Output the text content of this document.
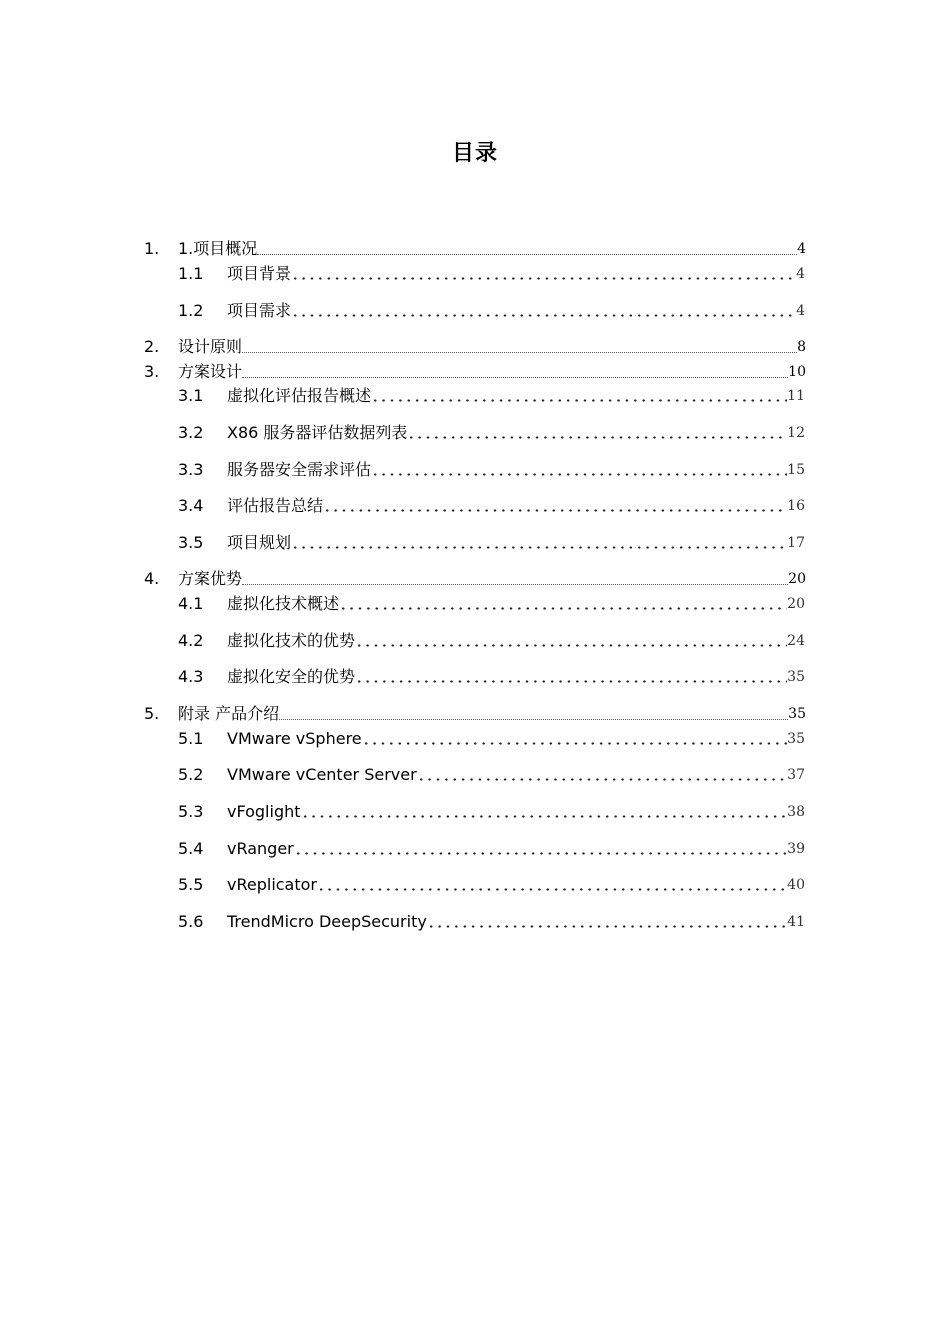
目录
1.	1.项目概况	4
1.1	项目背景	4
1.2	项目需求	4
2.	设计原则	8
3.	方案设计	10
3.1	虚拟化评估报告概述	11
3.2	X86 服务器评估数据列表	12
3.3	服务器安全需求评估	15
3.4	评估报告总结	16
3.5	项目规划	17
4.	方案优势	20
4.1	虚拟化技术概述	20
4.2	虚拟化技术的优势	24
4.3	虚拟化安全的优势	35
5.	附录 产品介绍	35
5.1	VMware vSphere	35
5.2	VMware vCenter Server	37
5.3	vFoglight	38
5.4	vRanger	39
5.5	vReplicator	40
5.6	TrendMicro DeepSecurity	41
